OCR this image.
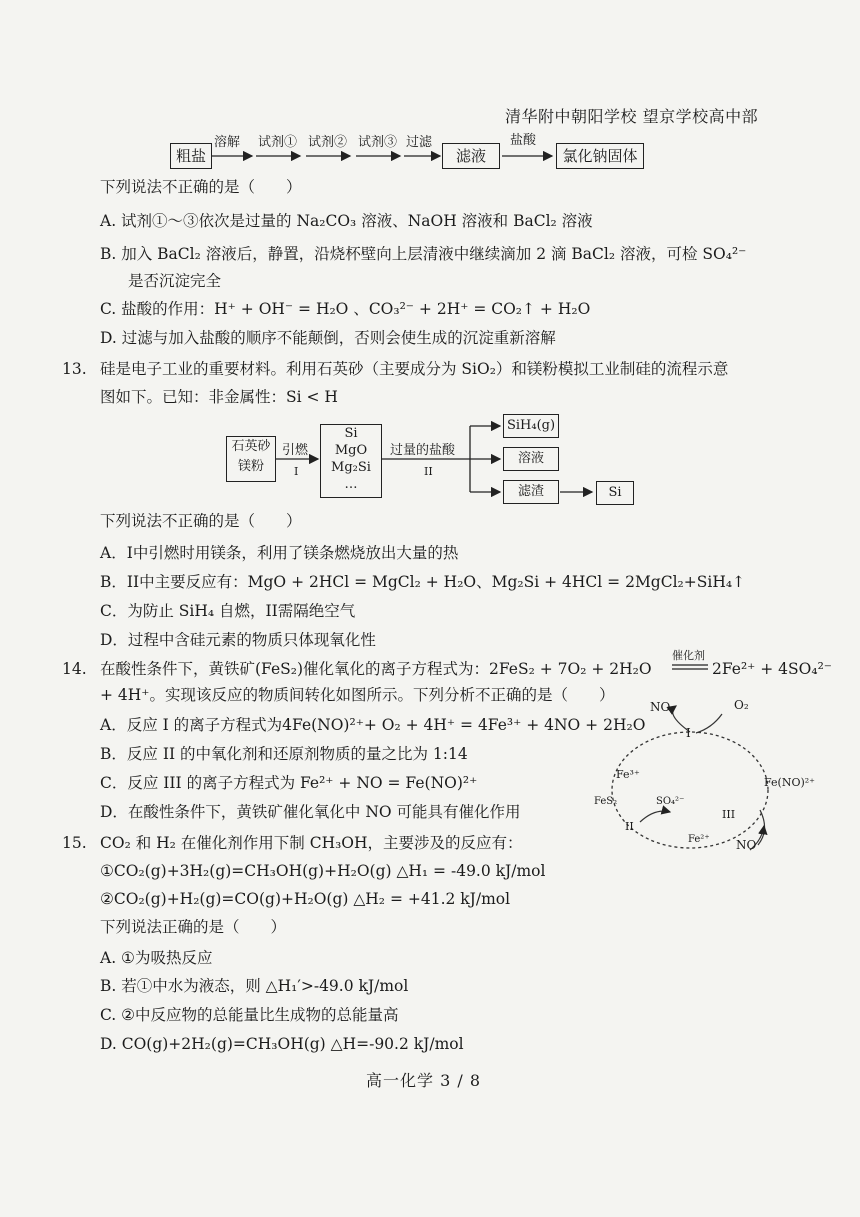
清华附中朝阳学校 望京学校高中部
粗盐
溶解 试剂① 试剂② 试剂③ 过滤
滤液
盐酸
氯化钠固体
下列说法不正确的是（　　）
A. 试剂①～③依次是过量的 Na₂CO₃ 溶液、NaOH 溶液和 BaCl₂ 溶液
B. 加入 BaCl₂ 溶液后，静置，沿烧杯壁向上层清液中继续滴加 2 滴 BaCl₂ 溶液，可检 SO₄²⁻
是否沉淀完全
C. 盐酸的作用：H⁺ + OH⁻ = H₂O 、CO₃²⁻ + 2H⁺ = CO₂↑ + H₂O
D. 过滤与加入盐酸的顺序不能颠倒，否则会使生成的沉淀重新溶解
13. 硅是电子工业的重要材料。利用石英砂（主要成分为 SiO₂）和镁粉模拟工业制硅的流程示意
图如下。已知：非金属性：Si < H
石英砂
镁粉
引燃
I
Si
MgO
Mg₂Si
…
过量的盐酸
II
SiH₄(g)
溶液
滤渣	Si
下列说法不正确的是（　　）
A．I中引燃时用镁条，利用了镁条燃烧放出大量的热
B．II中主要反应有：MgO + 2HCl = MgCl₂ + H₂O、Mg₂Si + 4HCl = 2MgCl₂+SiH₄↑
C．为防止 SiH₄ 自燃，II需隔绝空气
D．过程中含硅元素的物质只体现氧化性
14. 在酸性条件下，黄铁矿(FeS₂)催化氧化的离子方程式为：2FeS₂ + 7O₂ + 2H₂O
催化剂
2Fe²⁺ + 4SO₄²⁻
+ 4H⁺。实现该反应的物质间转化如图所示。下列分析不正确的是（　　）
A．反应 I 的离子方程式为4Fe(NO)²⁺+ O₂ + 4H⁺ = 4Fe³⁺ + 4NO + 2H₂O
B．反应 II 的中氧化剂和还原剂物质的量之比为 1:14
C．反应 III 的离子方程式为 Fe²⁺ + NO = Fe(NO)²⁺
D．在酸性条件下，黄铁矿催化氧化中 NO 可能具有催化作用
NO	O₂
I
Fe³⁺
Fe(NO)²⁺
FeS₂	SO₄²⁻
II
III
Fe²⁺ NO
15. CO₂ 和 H₂ 在催化剂作用下制 CH₃OH，主要涉及的反应有：
①CO₂(g)+3H₂(g)=CH₃OH(g)+H₂O(g) △H₁ = -49.0 kJ/mol
②CO₂(g)+H₂(g)=CO(g)+H₂O(g) △H₂ = +41.2 kJ/mol
下列说法正确的是（　　）
A. ①为吸热反应
B. 若①中水为液态，则 △H₁′>-49.0 kJ/mol
C. ②中反应物的总能量比生成物的总能量高
D. CO(g)+2H₂(g)=CH₃OH(g) △H=-90.2 kJ/mol
高一化学 3 / 8
